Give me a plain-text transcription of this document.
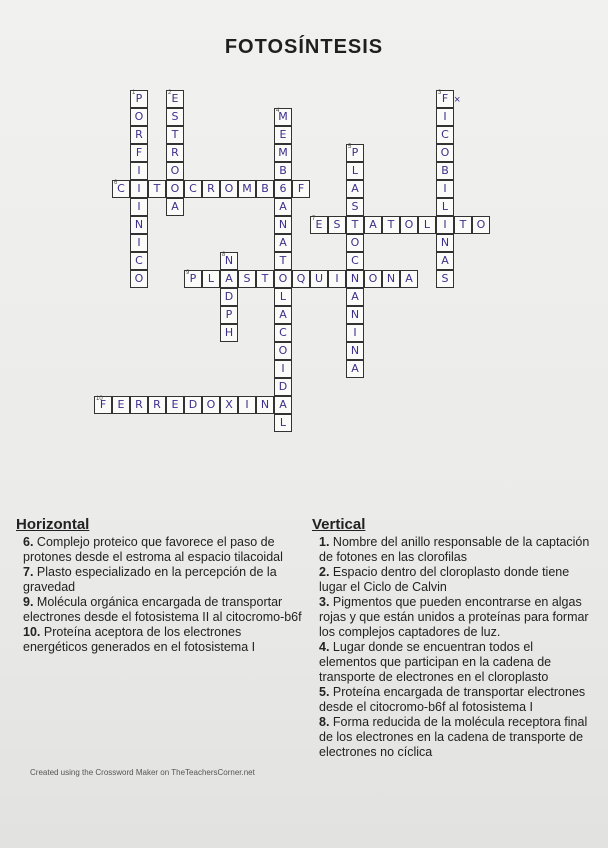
FOTOSÍNTESIS
×
6 C	I	T O C R O M B 6	F
7 E	S	T A T O L	I	T O
9 P	L	A S	T O Q U	I	N O N A
10
F	E R R E D O X	I	N A
1 P
O
R
F
I
I
N
I
C
O
2 E
S
T
R
O
A
3 F
I
C
O
B
I
L
N
A
S
4
M
E
M
B
A
N
A
T
L
A
C
O
I
D
L
5 P
L
A
S
O
C
A
N
I
N
A
8 N
D
P
H
Horizontal
6. Complejo proteico que favorece el paso de protones desde el estroma al espacio tilacoidal
7. Plasto especializado en la percepción de la gravedad
9. Molécula orgánica encargada de transportar electrones desde el fotosistema II al citocromo-b6f
10. Proteína aceptora de los electrones energéticos generados en el fotosistema I
Vertical
1. Nombre del anillo responsable de la captación de fotones en las clorofilas
2. Espacio dentro del cloroplasto donde tiene lugar el Ciclo de Calvin
3. Pigmentos que pueden encontrarse en algas rojas y que están unidos a proteínas para formar los complejos captadores de luz.
4. Lugar donde se encuentran todos el elementos que participan en la cadena de transporte de electrones en el cloroplasto
5. Proteína encargada de transportar electrones desde el citocromo-b6f al fotosistema I
8. Forma reducida de la molécula receptora final de los electrones en la cadena de transporte de electrones no cíclica
Created using the Crossword Maker on TheTeachersCorner.net
